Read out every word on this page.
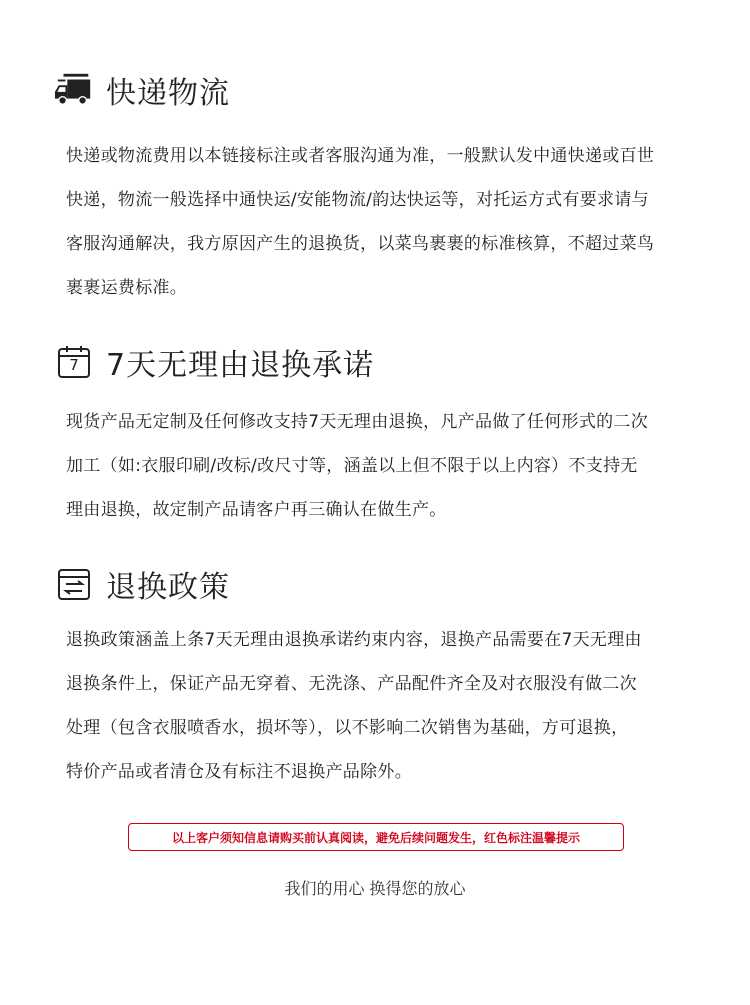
快递物流
快递或物流费用以本链接标注或者客服沟通为准，一般默认发中通快递或百世
快递，物流一般选择中通快运/安能物流/韵达快运等，对托运方式有要求请与
客服沟通解决，我方原因产生的退换货，以菜鸟裹裹的标准核算，不超过菜鸟
裹裹运费标准。
7 7天无理由退换承诺
现货产品无定制及任何修改支持7天无理由退换，凡产品做了任何形式的二次
加工（如:衣服印刷/改标/改尺寸等，涵盖以上但不限于以上内容）不支持无
理由退换，故定制产品请客户再三确认在做生产。
退换政策
退换政策涵盖上条7天无理由退换承诺约束内容，退换产品需要在7天无理由
退换条件上，保证产品无穿着、无洗涤、产品配件齐全及对衣服没有做二次
处理（包含衣服喷香水，损坏等），以不影响二次销售为基础，方可退换，
特价产品或者清仓及有标注不退换产品除外。
以上客户须知信息请购买前认真阅读，避免后续问题发生，红色标注温馨提示
我们的用心 换得您的放心
